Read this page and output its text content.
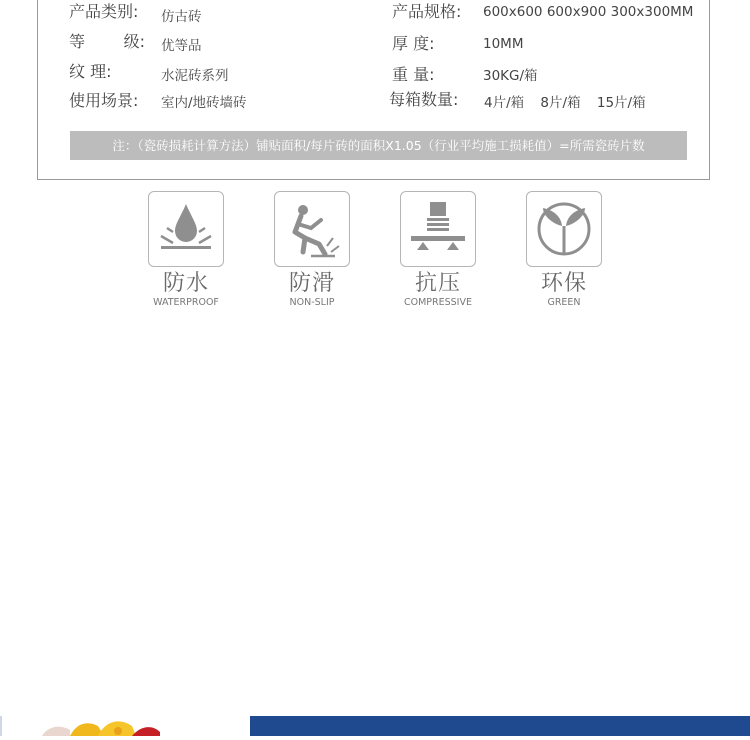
产品类别: 仿古砖
等 级: 优等品
纹 理:	水泥砖系列
使用场景: 室内/地砖墙砖
产品规格: 600x600 600x900 300x300MM
厚 度:	10MM
重 量:	30KG/箱
每箱数量: 4片/箱 8片/箱 15片/箱
注：（瓷砖损耗计算方法）铺贴面积/每片砖的面积X1.05（行业平均施工损耗值）=所需瓷砖片数
防水
WATERPROOF
防滑
NON-SLIP
抗压
COMPRESSIVE
环保
GREEN
